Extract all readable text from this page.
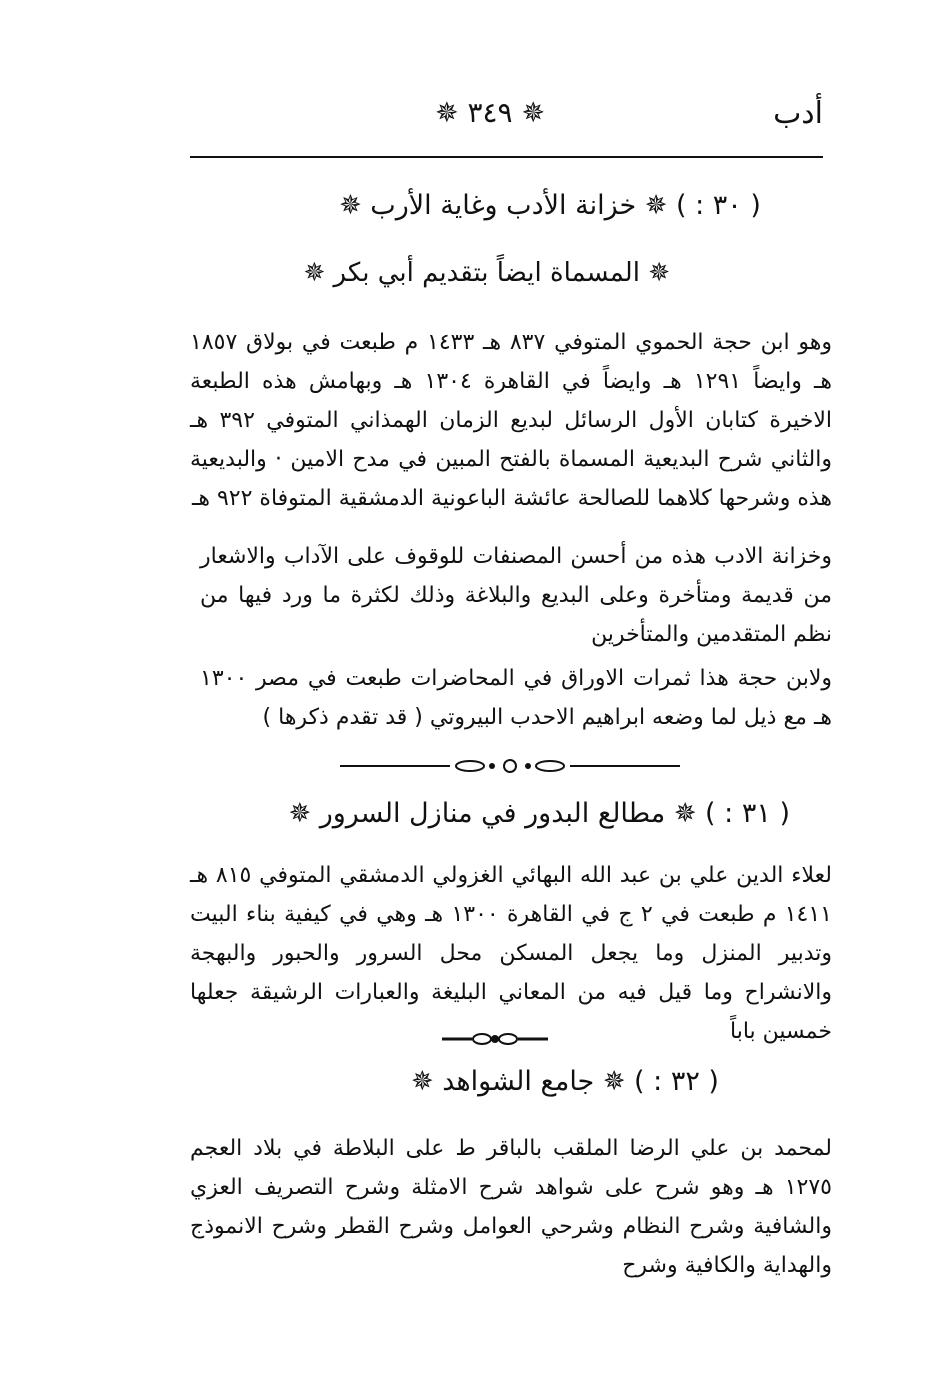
✵ ٣٤٩ ✵	أدب
( ٣٠ : ) ✵ خزانة الأدب وغاية الأرب ✵
✵ المسماة ايضاً بتقديم أبي بكر ✵
وهو ابن حجة الحموي المتوفي ٨٣٧ هـ ١٤٣٣ م طبعت في بولاق ١٨٥٧ هـ وايضاً ١٢٩١ هـ وايضاً في القاهرة ١٣٠٤ هـ وبهامش هذه الطبعة الاخيرة كتابان الأول الرسائل لبديع الزمان الهمذاني المتوفي ٣٩٢ هـ والثاني شرح البديعية المسماة بالفتح المبين في مدح الامين · والبديعية هذه وشرحها كلاهما للصالحة عائشة الباعونية الدمشقية المتوفاة ٩٢٢ هـ
وخزانة الادب هذه من أحسن المصنفات للوقوف على الآداب والاشعار من قديمة ومتأخرة وعلى البديع والبلاغة وذلك لكثرة ما ورد فيها من نظم المتقدمين والمتأخرين
ولابن حجة هذا ثمرات الاوراق في المحاضرات طبعت في مصر ١٣٠٠ هـ مع ذيل لما وضعه ابراهيم الاحدب البيروتي ( قد تقدم ذكرها )
( ٣١ : ) ✵ مطالع البدور في منازل السرور ✵
لعلاء الدين علي بن عبد الله البهائي الغزولي الدمشقي المتوفي ٨١٥ هـ ١٤١١ م طبعت في ٢ ج في القاهرة ١٣٠٠ هـ وهي في كيفية بناء البيت وتدبير المنزل وما يجعل المسكن محل السرور والحبور والبهجة والانشراح وما قيل فيه من المعاني البليغة والعبارات الرشيقة جعلها خمسين باباً
( ٣٢ : ) ✵ جامع الشواهد ✵
لمحمد بن علي الرضا الملقب بالباقر ط على البلاطة في بلاد العجم ١٢٧٥ هـ وهو شرح على شواهد شرح الامثلة وشرح التصريف العزي والشافية وشرح النظام وشرحي العوامل وشرح القطر وشرح الانموذج والهداية والكافية وشرح
